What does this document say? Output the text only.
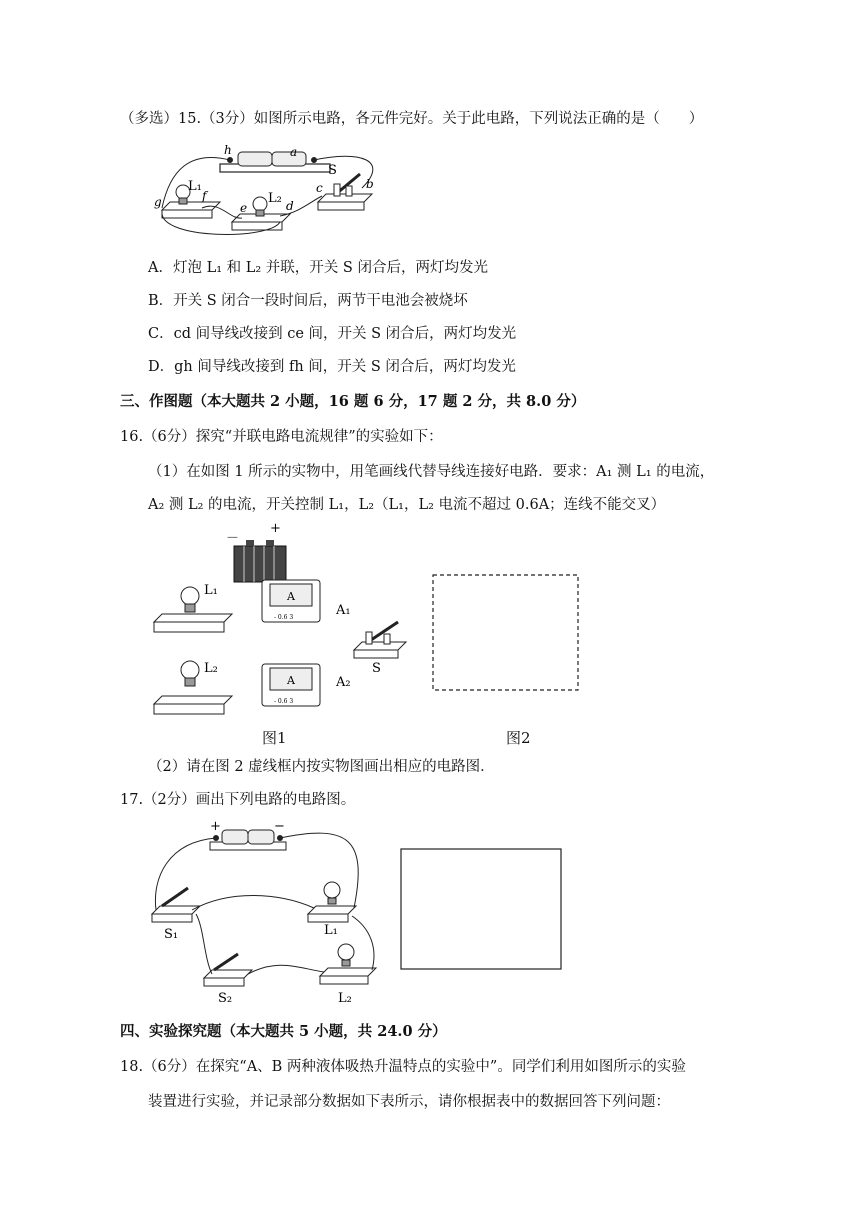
（多选）15.（3分）如图所示电路，各元件完好。关于此电路，下列说法正确的是（　　）
h	a
S
c	b
L₁
L₂
g	f
e	d
A．灯泡 L₁ 和 L₂ 并联，开关 S 闭合后，两灯均发光
B．开关 S 闭合一段时间后，两节干电池会被烧坏
C．cd 间导线改接到 ce 间，开关 S 闭合后，两灯均发光
D．gh 间导线改接到 fh 间，开关 S 闭合后，两灯均发光
三、作图题（本大题共 2 小题，16 题 6 分，17 题 2 分，共 8.0 分）
16.（6分）探究“并联电路电流规律”的实验如下：
（1）在如图 1 所示的实物中，用笔画线代替导线连接好电路．要求：A₁ 测 L₁ 的电流，
A₂ 测 L₂ 的电流，开关控制 L₁，L₂（L₁，L₂ 电流不超过 0.6A；连线不能交叉）
－
+
L₁
L₂
A
- 0.6 3	A₁
A
- 0.6 3
A₂
S
图1	图2
（2）请在图 2 虚线框内按实物图画出相应的电路图．
17.（2分）画出下列电路的电路图。
+	−
S₁	L₁
S₂	L₂
四、实验探究题（本大题共 5 小题，共 24.0 分）
18.（6分）在探究“A、B 两种液体吸热升温特点的实验中”。同学们利用如图所示的实验
装置进行实验，并记录部分数据如下表所示，请你根据表中的数据回答下列问题：
